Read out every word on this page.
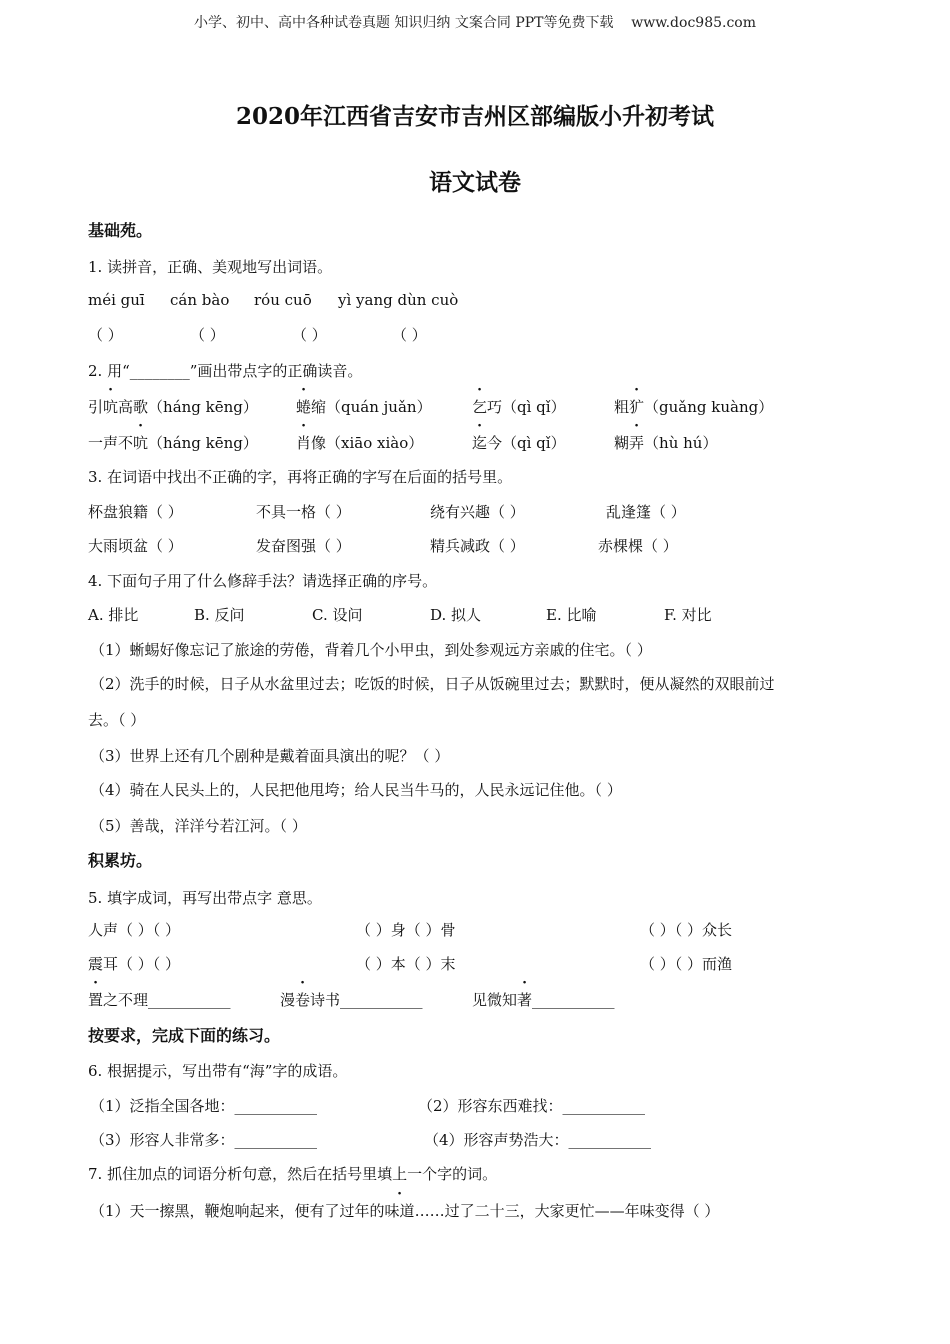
小学、初中、高中各种试卷真题 知识归纳 文案合同 PPT等免费下载    www.doc985.com
2020年江西省吉安市吉州区部编版小升初考试
语文试卷
基础苑。
1. 读拼音，正确、美观地写出词语。
méi guī cán bào róu cuō yì yang dùn cuò
（ ）	（ ）	（ ）	（ ）
2. 用“________”画出带点字的正确读音。
引吭高歌（háng kēng）	蜷缩（quán juǎn）	乞巧（qì qǐ）	粗犷（guǎng kuàng）
一声不吭（háng kēng）	肖像（xiāo xiào）	迄今（qì qǐ）	糊弄（hù hú）
3. 在词语中找出不正确的字，再将正确的字写在后面的括号里。
杯盘狼籍（ ）	不具一格（ ）	绕有兴趣（ ）	乱逢篷（ ）
大雨顷盆（ ）	发奋图强（ ）	精兵减政（ ）	赤棵棵（ ）
4. 下面句子用了什么修辞手法？请选择正确的序号。
A. 排比	B. 反问	C. 设问	D. 拟人	E. 比喻	F. 对比
（1）蜥蜴好像忘记了旅途的劳倦，背着几个小甲虫，到处参观远方亲戚的住宅。（ ）
（2）洗手的时候，日子从水盆里过去；吃饭的时候，日子从饭碗里过去；默默时，便从凝然的双眼前过
去。（ ）
（3）世界上还有几个剧种是戴着面具演出的呢？（ ）
（4）骑在人民头上的，人民把他甩垮；给人民当牛马的，人民永远记住他。（ ）
（5）善哉，洋洋兮若江河。（ ）
积累坊。
5. 填字成词，再写出带点字 意思。
人声（ ）（ ）	（ ）身（ ）骨	（ ）（ ）众长
震耳（ ）（ ）	（ ）本（ ）末	（ ）（ ）而渔
置之不理___________	漫卷诗书___________	见微知著___________
按要求，完成下面的练习。
6. 根据提示，写出带有“海”字的成语。
（1）泛指全国各地：___________	（2）形容东西难找：___________
（3）形容人非常多：___________	（4）形容声势浩大：___________
7. 抓住加点的词语分析句意，然后在括号里填上一个字的词。
（1）天一擦黑，鞭炮响起来，便有了过年的味道……过了二十三，大家更忙——年味变得（ ）
